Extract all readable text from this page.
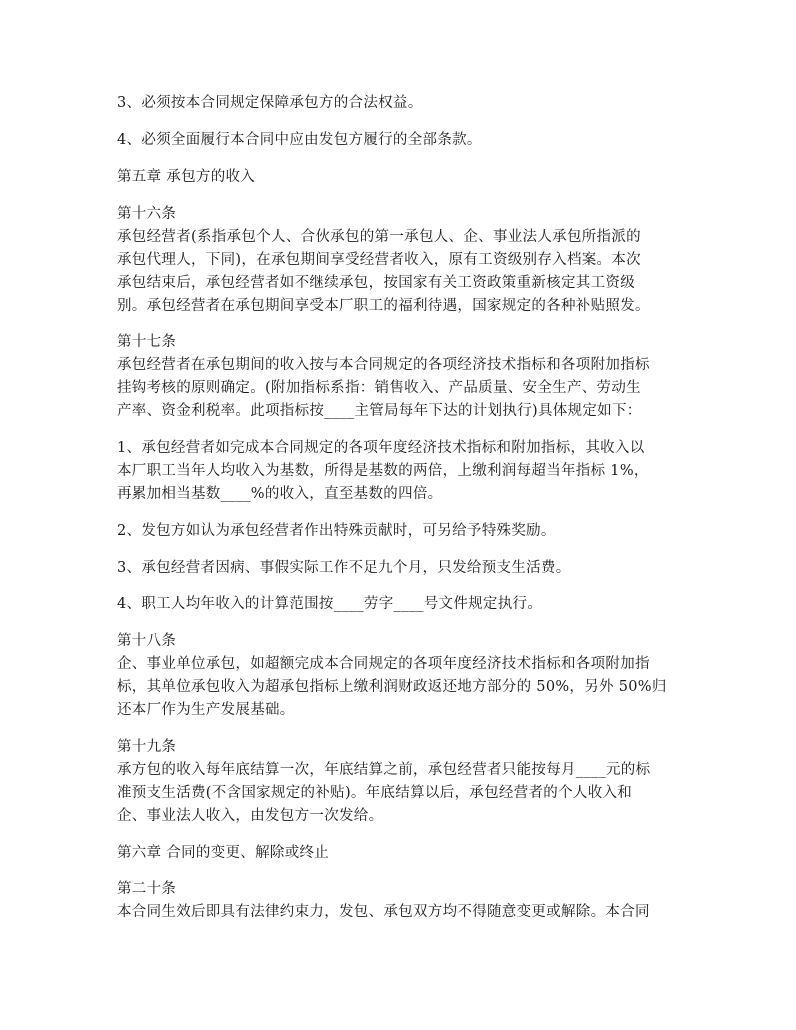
3、必须按本合同规定保障承包方的合法权益。
4、必须全面履行本合同中应由发包方履行的全部条款。
第五章 承包方的收入
第十六条
承包经营者(系指承包个人、合伙承包的第一承包人、企、事业法人承包所指派的
承包代理人，下同)，在承包期间享受经营者收入，原有工资级别存入档案。本次
承包结束后，承包经营者如不继续承包，按国家有关工资政策重新核定其工资级
别。承包经营者在承包期间享受本厂职工的福利待遇，国家规定的各种补贴照发。
第十七条
承包经营者在承包期间的收入按与本合同规定的各项经济技术指标和各项附加指标
挂钩考核的原则确定。(附加指标系指：销售收入、产品质量、安全生产、劳动生
产率、资金利税率。此项指标按____主管局每年下达的计划执行)具体规定如下：
1、承包经营者如完成本合同规定的各项年度经济技术指标和附加指标，其收入以
本厂职工当年人均收入为基数，所得是基数的两倍，上缴利润每超当年指标 1%，
再累加相当基数____%的收入，直至基数的四倍。
2、发包方如认为承包经营者作出特殊贡献时，可另给予特殊奖励。
3、承包经营者因病、事假实际工作不足九个月，只发给预支生活费。
4、职工人均年收入的计算范围按____劳字____号文件规定执行。
第十八条
企、事业单位承包，如超额完成本合同规定的各项年度经济技术指标和各项附加指
标，其单位承包收入为超承包指标上缴利润财政返还地方部分的 50%，另外 50%归
还本厂作为生产发展基础。
第十九条
承方包的收入每年底结算一次，年底结算之前，承包经营者只能按每月____元的标
准预支生活费(不含国家规定的补贴)。年底结算以后，承包经营者的个人收入和
企、事业法人收入，由发包方一次发给。
第六章 合同的变更、解除或终止
第二十条
本合同生效后即具有法律约束力，发包、承包双方均不得随意变更或解除。本合同
